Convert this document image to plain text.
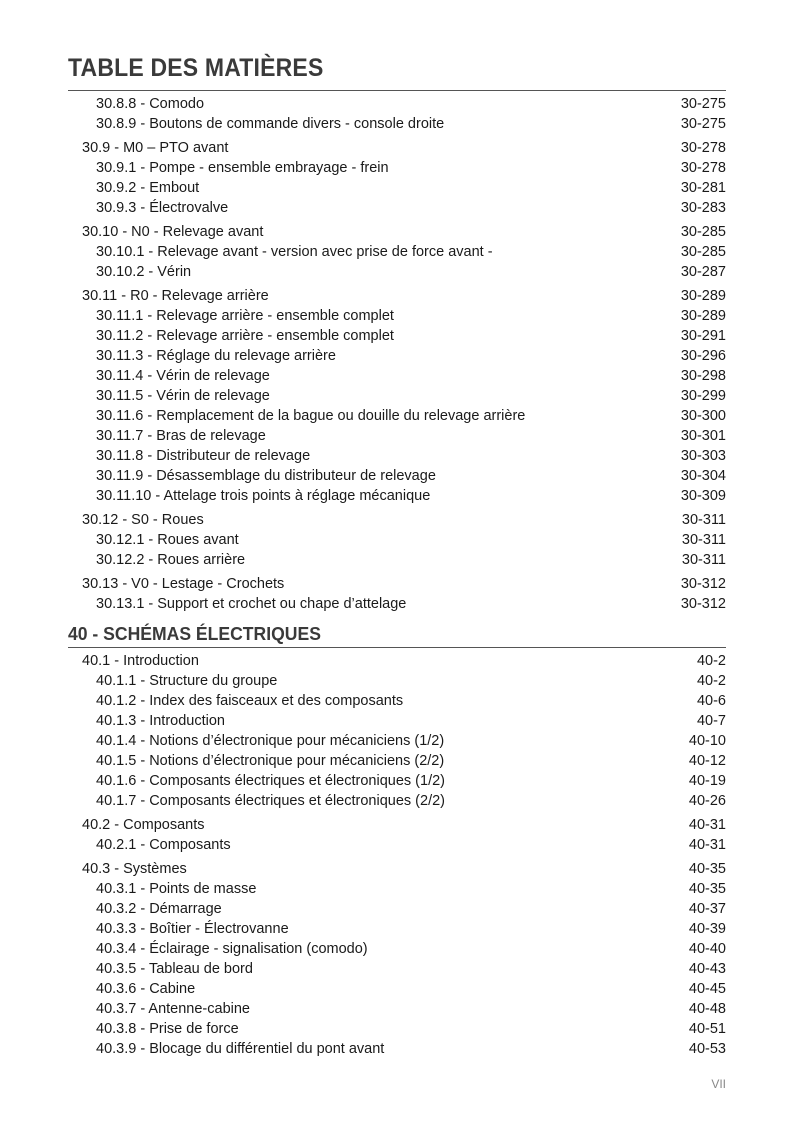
TABLE DES MATIÈRES
30.8.8 - Comodo	30-275
30.8.9 - Boutons de commande divers - console droite	30-275
30.9 - M0 – PTO avant	30-278
30.9.1 - Pompe - ensemble embrayage - frein	30-278
30.9.2 - Embout	30-281
30.9.3 - Électrovalve	30-283
30.10 - N0 - Relevage avant	30-285
30.10.1 - Relevage avant - version avec prise de force avant -	30-285
30.10.2 - Vérin	30-287
30.11 - R0 - Relevage arrière	30-289
30.11.1 - Relevage arrière - ensemble complet	30-289
30.11.2 - Relevage arrière - ensemble complet	30-291
30.11.3 - Réglage du relevage arrière	30-296
30.11.4 - Vérin de relevage	30-298
30.11.5 - Vérin de relevage	30-299
30.11.6 - Remplacement de la bague ou douille du relevage arrière	30-300
30.11.7 - Bras de relevage	30-301
30.11.8 - Distributeur de relevage	30-303
30.11.9 - Désassemblage du distributeur de relevage	30-304
30.11.10 - Attelage trois points à réglage mécanique	30-309
30.12 - S0 - Roues	30-311
30.12.1 - Roues avant	30-311
30.12.2 - Roues arrière	30-311
30.13 - V0 - Lestage - Crochets	30-312
30.13.1 - Support et crochet ou chape d’attelage	30-312
40 - SCHÉMAS ÉLECTRIQUES
40.1 - Introduction	40-2
40.1.1 - Structure du groupe	40-2
40.1.2 - Index des faisceaux et des composants	40-6
40.1.3 - Introduction	40-7
40.1.4 - Notions d’électronique pour mécaniciens (1/2)	40-10
40.1.5 - Notions d’électronique pour mécaniciens (2/2)	40-12
40.1.6 - Composants électriques et électroniques (1/2)	40-19
40.1.7 - Composants électriques et électroniques (2/2)	40-26
40.2 - Composants	40-31
40.2.1 - Composants	40-31
40.3 - Systèmes	40-35
40.3.1 - Points de masse	40-35
40.3.2 - Démarrage	40-37
40.3.3 - Boîtier - Électrovanne	40-39
40.3.4 - Éclairage - signalisation (comodo)	40-40
40.3.5 - Tableau de bord	40-43
40.3.6 - Cabine	40-45
40.3.7 - Antenne-cabine	40-48
40.3.8 - Prise de force	40-51
40.3.9 - Blocage du différentiel du pont avant	40-53
VII
